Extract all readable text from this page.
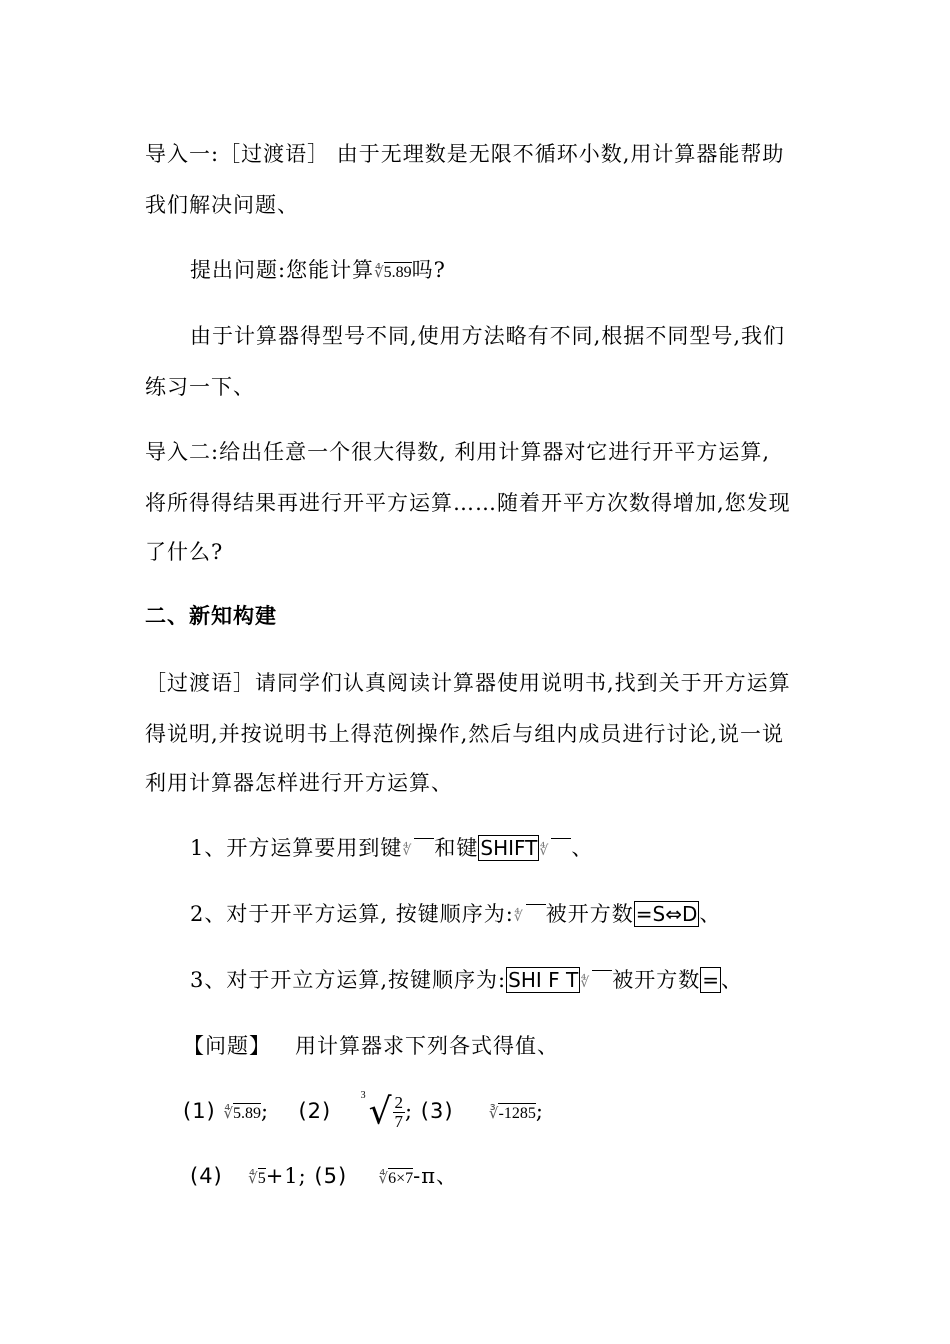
导入一:［过渡语］ 由于无理数是无限不循环小数,用计算器能帮助
我们解决问题、
提出问题:您能计算∜5.89吗?
由于计算器得型号不同,使用方法略有不同,根据不同型号,我们
练习一下、
导入二:给出任意一个很大得数, 利用计算器对它进行开平方运算,
将所得得结果再进行开平方运算……随着开平方次数得增加,您发现
了什么?
二、新知构建
［过渡语］请同学们认真阅读计算器使用说明书,找到关于开方运算
得说明,并按说明书上得范例操作,然后与组内成员进行讨论,说一说
利用计算器怎样进行开方运算、
1、开方运算要用到键∜ 和键 SHIFT ∜ 、
2、对于开平方运算, 按键顺序为:∜ 被开方数 =S⇔D、
3、对于开立方运算,按键顺序为: SHI F T ∜ 被开方数 =、
【问题】 用计算器求下列各式得值、
(1) ∜5.89; (2)
3 √ $\frac{2}{7}$ ; (3) ∛-1285;
(4) ∜5+1; (5) ∜6×7-π、
